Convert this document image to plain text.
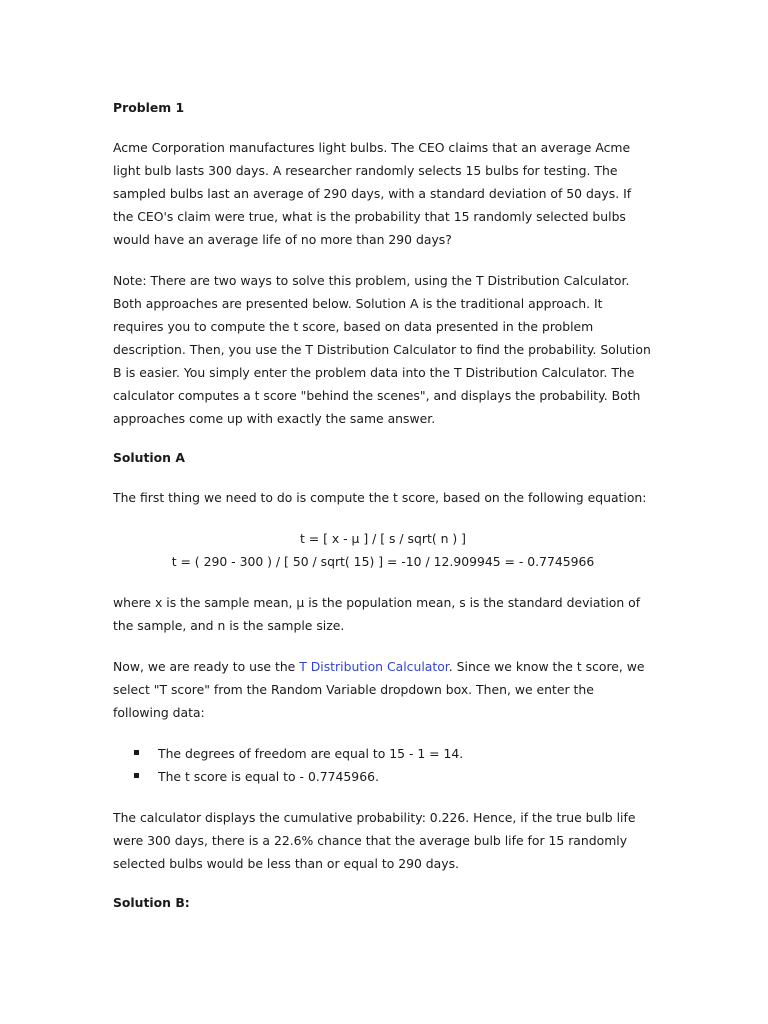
Problem 1

Acme Corporation manufactures light bulbs. The CEO claims that an average Acme light bulb lasts 300 days. A researcher randomly selects 15 bulbs for testing. The sampled bulbs last an average of 290 days, with a standard deviation of 50 days. If the CEO's claim were true, what is the probability that 15 randomly selected bulbs would have an average life of no more than 290 days?

Note: There are two ways to solve this problem, using the T Distribution Calculator. Both approaches are presented below. Solution A is the traditional approach. It requires you to compute the t score, based on data presented in the problem description. Then, you use the T Distribution Calculator to find the probability. Solution B is easier. You simply enter the problem data into the T Distribution Calculator. The calculator computes a t score "behind the scenes", and displays the probability. Both approaches come up with exactly the same answer.

Solution A

The first thing we need to do is compute the t score, based on the following equation:

t = [ x - μ ] / [ s / sqrt( n ) ]
t = ( 290 - 300 ) / [ 50 / sqrt( 15) ] = -10 / 12.909945 = - 0.7745966

where x is the sample mean, μ is the population mean, s is the standard deviation of the sample, and n is the sample size.

Now, we are ready to use the T Distribution Calculator. Since we know the t score, we select "T score" from the Random Variable dropdown box. Then, we enter the following data:

The degrees of freedom are equal to 15 - 1 = 14.
The t score is equal to - 0.7745966.

The calculator displays the cumulative probability: 0.226. Hence, if the true bulb life were 300 days, there is a 22.6% chance that the average bulb life for 15 randomly selected bulbs would be less than or equal to 290 days.

Solution B:
